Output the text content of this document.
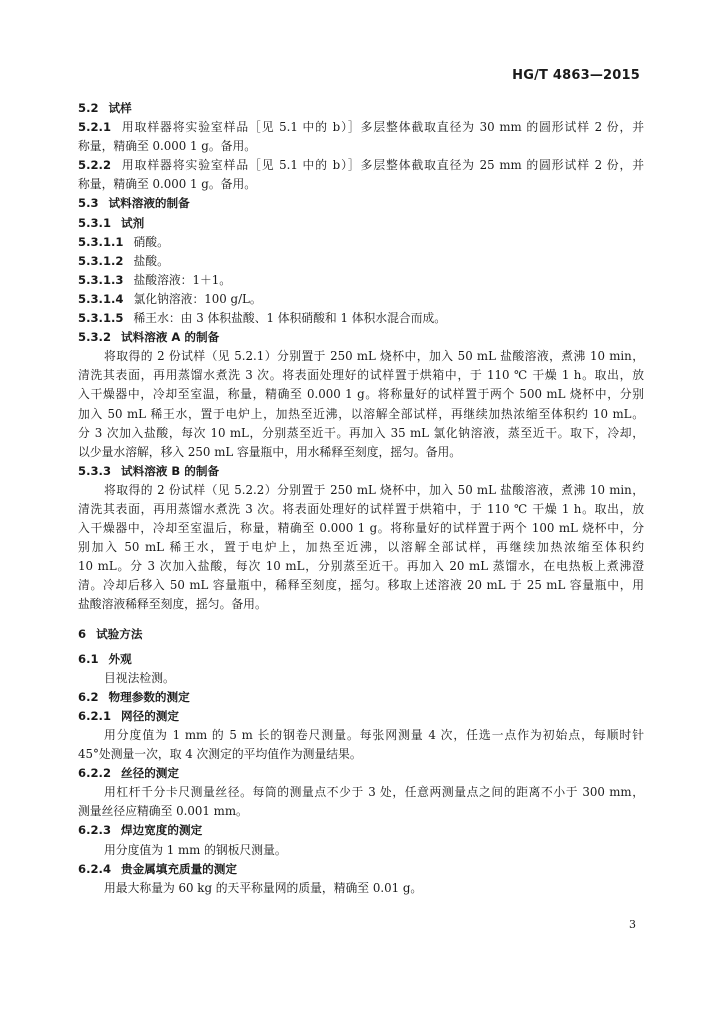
HG/T 4863—2015
5.2 试样
5.2.1 用取样器将实验室样品［见 5.1 中的 b）］多层整体截取直径为 30 mm 的圆形试样 2 份，并
称量，精确至 0.000 1 g。备用。
5.2.2 用取样器将实验室样品［见 5.1 中的 b）］多层整体截取直径为 25 mm 的圆形试样 2 份，并
称量，精确至 0.000 1 g。备用。
5.3 试料溶液的制备
5.3.1 试剂
5.3.1.1 硝酸。
5.3.1.2 盐酸。
5.3.1.3 盐酸溶液：1＋1。
5.3.1.4 氯化钠溶液：100 g/L。
5.3.1.5 稀王水：由 3 体积盐酸、1 体积硝酸和 1 体积水混合而成。
5.3.2 试料溶液 A 的制备
将取得的 2 份试样（见 5.2.1）分别置于 250 mL 烧杯中，加入 50 mL 盐酸溶液，煮沸 10 min，
清洗其表面，再用蒸馏水煮洗 3 次。将表面处理好的试样置于烘箱中，于 110 ℃ 干燥 1 h。取出，放
入干燥器中，冷却至室温，称量，精确至 0.000 1 g。将称量好的试样置于两个 500 mL 烧杯中，分别
加入 50 mL 稀王水，置于电炉上，加热至近沸，以溶解全部试样，再继续加热浓缩至体积约 10 mL。
分 3 次加入盐酸，每次 10 mL，分别蒸至近干。再加入 35 mL 氯化钠溶液，蒸至近干。取下，冷却，
以少量水溶解，移入 250 mL 容量瓶中，用水稀释至刻度，摇匀。备用。
5.3.3 试料溶液 B 的制备
将取得的 2 份试样（见 5.2.2）分别置于 250 mL 烧杯中，加入 50 mL 盐酸溶液，煮沸 10 min，
清洗其表面，再用蒸馏水煮洗 3 次。将表面处理好的试样置于烘箱中，于 110 ℃ 干燥 1 h。取出，放
入干燥器中，冷却至室温后，称量，精确至 0.000 1 g。将称量好的试样置于两个 100 mL 烧杯中，分
别加入 50 mL 稀王水，置于电炉上，加热至近沸，以溶解全部试样，再继续加热浓缩至体积约
10 mL。分 3 次加入盐酸，每次 10 mL，分别蒸至近干。再加入 20 mL 蒸馏水，在电热板上煮沸澄
清。冷却后移入 50 mL 容量瓶中，稀释至刻度，摇匀。移取上述溶液 20 mL 于 25 mL 容量瓶中，用
盐酸溶液稀释至刻度，摇匀。备用。
6 试验方法
6.1 外观
目视法检测。
6.2 物理参数的测定
6.2.1 网径的测定
用分度值为 1 mm 的 5 m 长的钢卷尺测量。每张网测量 4 次，任选一点作为初始点，每顺时针
45°处测量一次，取 4 次测定的平均值作为测量结果。
6.2.2 丝径的测定
用杠杆千分卡尺测量丝径。每筒的测量点不少于 3 处，任意两测量点之间的距离不小于 300 mm，
测量丝径应精确至 0.001 mm。
6.2.3 焊边宽度的测定
用分度值为 1 mm 的钢板尺测量。
6.2.4 贵金属填充质量的测定
用最大称量为 60 kg 的天平称量网的质量，精确至 0.01 g。
3
